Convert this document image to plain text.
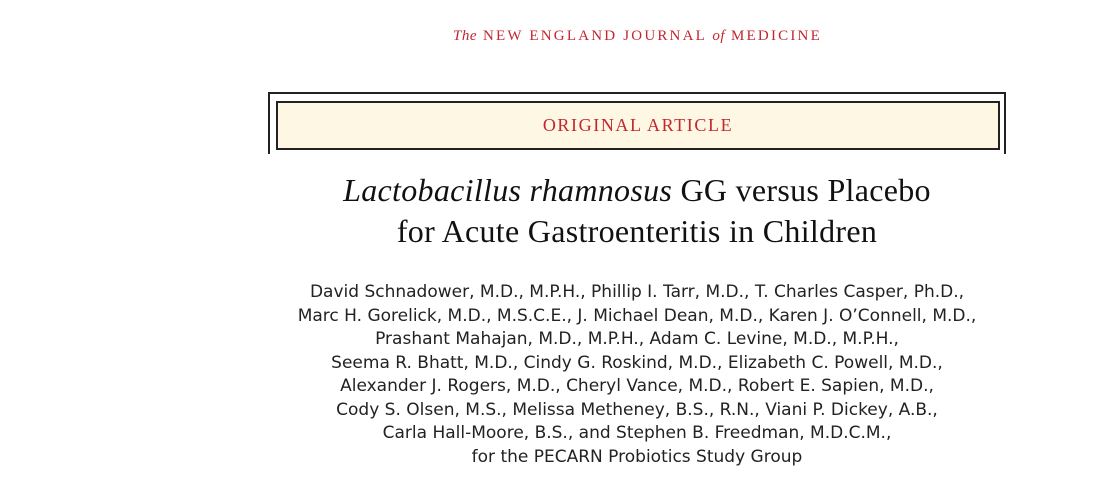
The NEW ENGLAND JOURNAL of MEDICINE
ORIGINAL ARTICLE
Lactobacillus rhamnosus GG versus Placebo
for Acute Gastroenteritis in Children
David Schnadower, M.D., M.P.H., Phillip I. Tarr, M.D., T. Charles Casper, Ph.D.,
Marc H. Gorelick, M.D., M.S.C.E., J. Michael Dean, M.D., Karen J. O’Connell, M.D.,
Prashant Mahajan, M.D., M.P.H., Adam C. Levine, M.D., M.P.H.,
Seema R. Bhatt, M.D., Cindy G. Roskind, M.D., Elizabeth C. Powell, M.D.,
Alexander J. Rogers, M.D., Cheryl Vance, M.D., Robert E. Sapien, M.D.,
Cody S. Olsen, M.S., Melissa Metheney, B.S., R.N., Viani P. Dickey, A.B.,
Carla Hall-Moore, B.S., and Stephen B. Freedman, M.D.C.M.,
for the PECARN Probiotics Study Group
